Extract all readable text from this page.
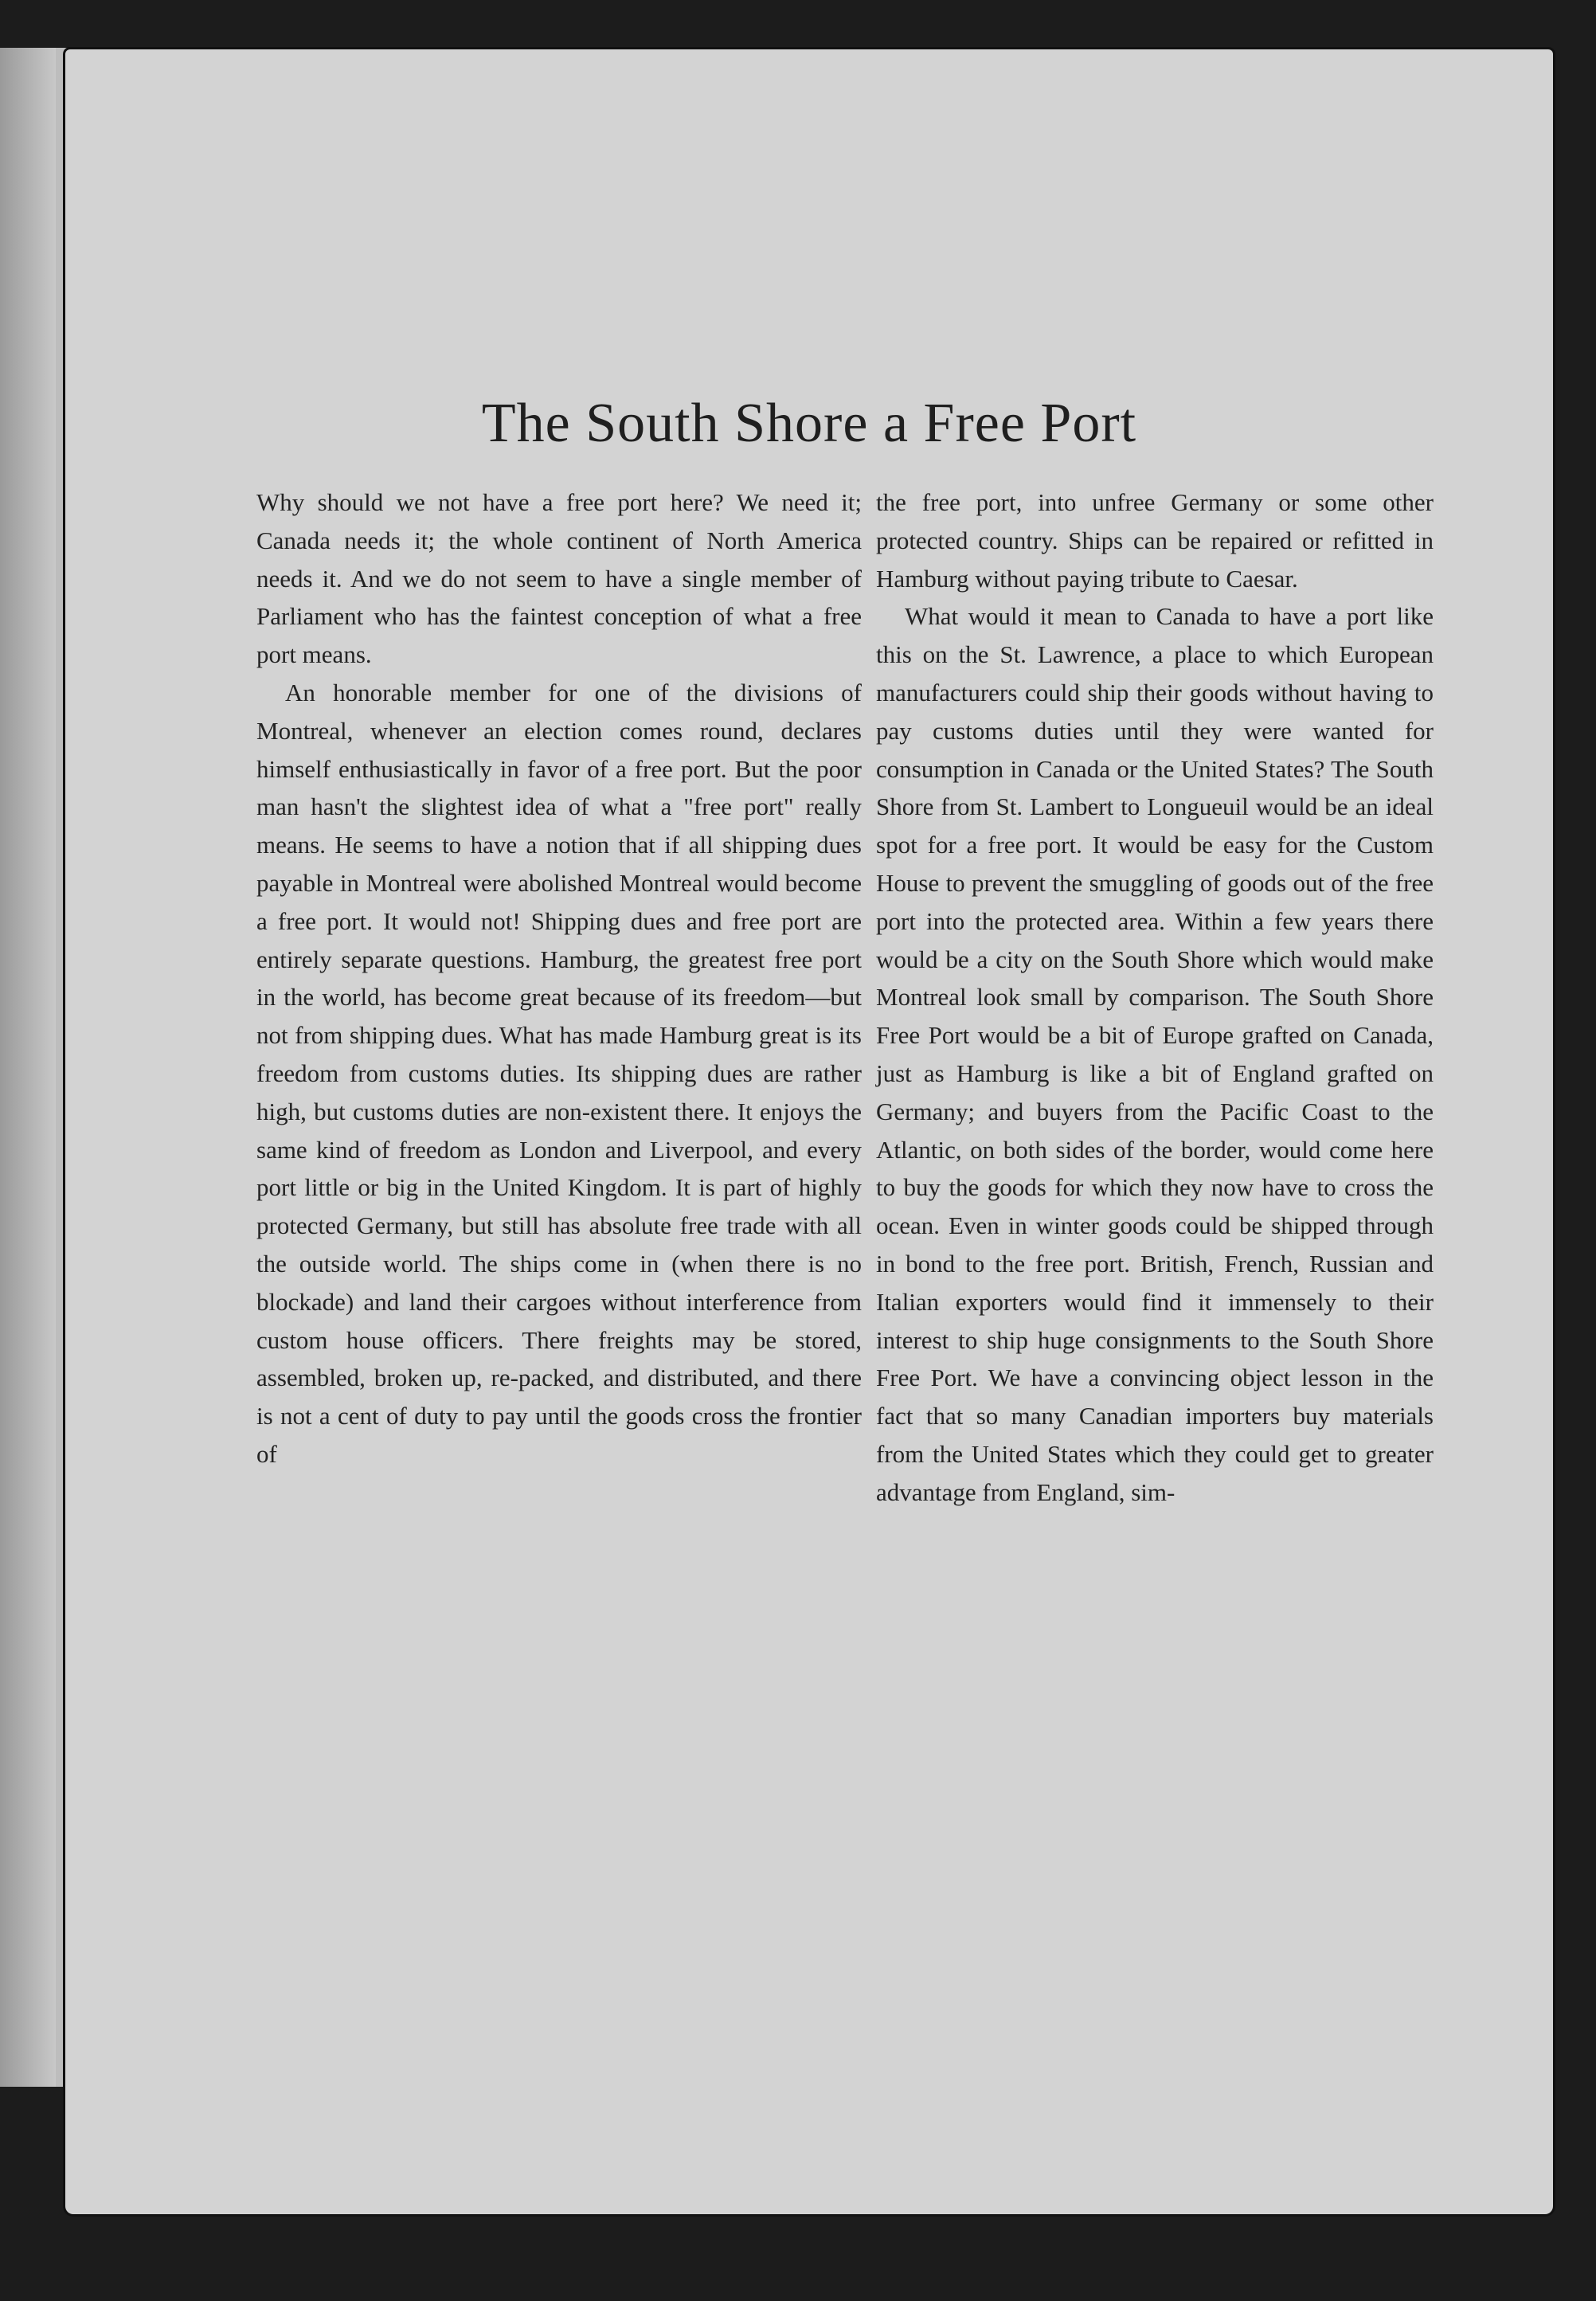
The South Shore a Free Port

Why should we not have a free port here? We need it; Canada needs it; the whole continent of North America needs it. And we do not seem to have a single member of Parliament who has the faintest conception of what a free port means.

An honorable member for one of the divisions of Montreal, whenever an election comes round, declares himself enthusiastically in favor of a free port. But the poor man hasn't the slightest idea of what a "free port" really means. He seems to have a notion that if all shipping dues payable in Montreal were abolished Montreal would become a free port. It would not! Shipping dues and free port are entirely separate questions. Hamburg, the greatest free port in the world, has become great because of its freedom—but not from shipping dues. What has made Hamburg great is its freedom from customs duties. Its shipping dues are rather high, but customs duties are non-existent there. It enjoys the same kind of freedom as London and Liverpool, and every port little or big in the United Kingdom. It is part of highly protected Germany, but still has absolute free trade with all the outside world. The ships come in (when there is no blockade) and land their cargoes without interference from custom house officers. There freights may be stored, assembled, broken up, re-packed, and distributed, and there is not a cent of duty to pay until the goods cross the frontier of

the free port, into unfree Germany or some other protected country. Ships can be repaired or refitted in Hamburg without paying tribute to Caesar.

What would it mean to Canada to have a port like this on the St. Lawrence, a place to which European manufacturers could ship their goods without having to pay customs duties until they were wanted for consumption in Canada or the United States? The South Shore from St. Lambert to Longueuil would be an ideal spot for a free port. It would be easy for the Custom House to prevent the smuggling of goods out of the free port into the protected area. Within a few years there would be a city on the South Shore which would make Montreal look small by comparison. The South Shore Free Port would be a bit of Europe grafted on Canada, just as Hamburg is like a bit of England grafted on Germany; and buyers from the Pacific Coast to the Atlantic, on both sides of the border, would come here to buy the goods for which they now have to cross the ocean. Even in winter goods could be shipped through in bond to the free port. British, French, Russian and Italian exporters would find it immensely to their interest to ship huge consignments to the South Shore Free Port. We have a convincing object lesson in the fact that so many Canadian importers buy materials from the United States which they could get to greater advantage from England, sim-
